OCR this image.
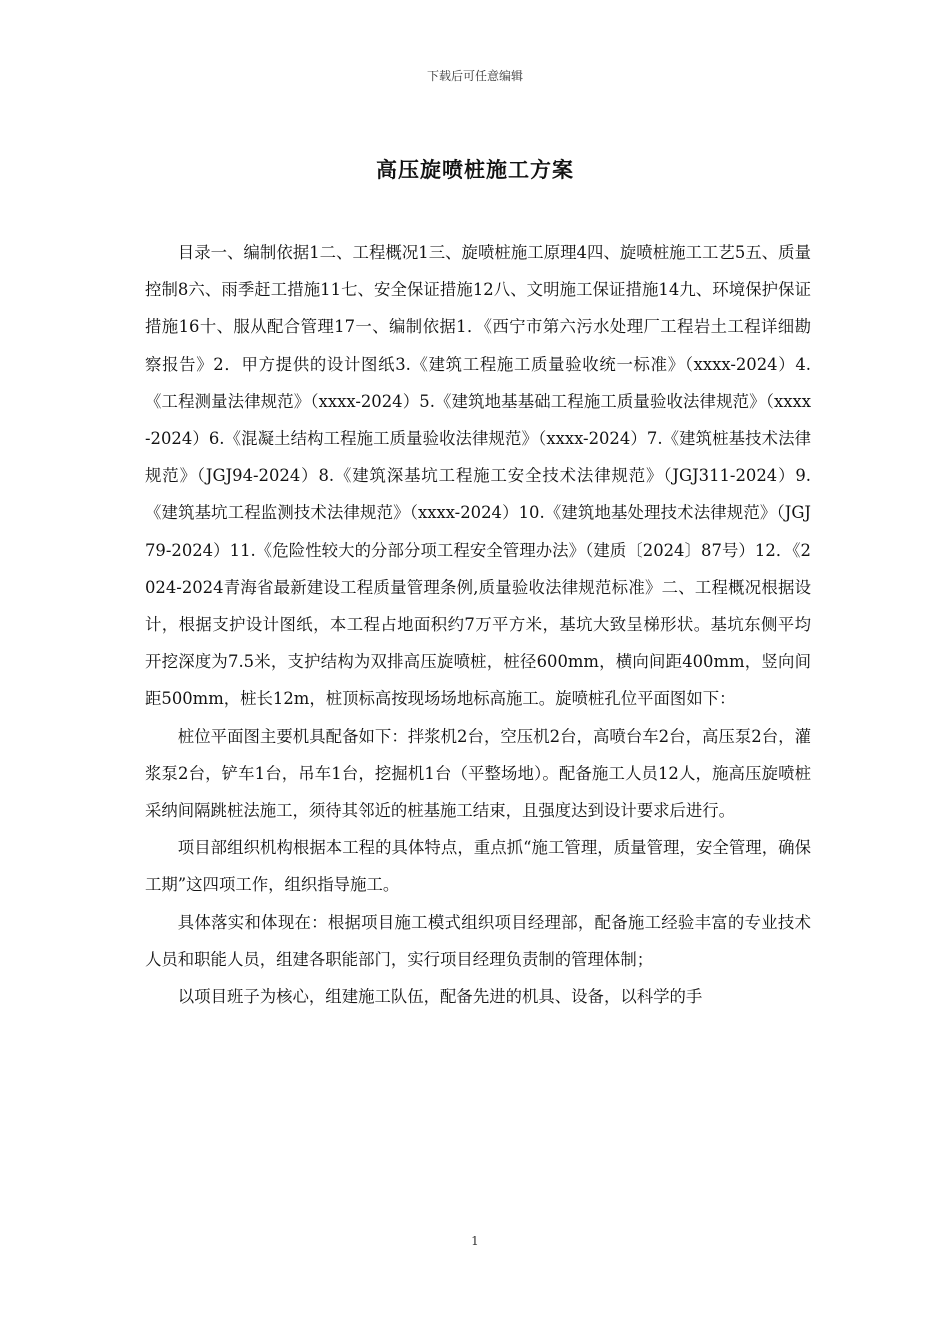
下载后可任意编辑
高压旋喷桩施工方案

目录一、编制依据1二、工程概况1三、旋喷桩施工原理4四、旋喷桩施工工艺5五、质量控制8六、雨季赶工措施11七、安全保证措施12八、文明施工保证措施14九、环境保护保证措施16十、服从配合管理17一、编制依据1．《西宁市第六污水处理厂工程岩土工程详细勘察报告》2．甲方提供的设计图纸3.《建筑工程施工质量验收统一标准》（xxxx-2024）4.《工程测量法律规范》（xxxx-2024）5.《建筑地基基础工程施工质量验收法律规范》（xxxx-2024）6.《混凝土结构工程施工质量验收法律规范》（xxxx-2024）7.《建筑桩基技术法律规范》（JGJ94-2024）8.《建筑深基坑工程施工安全技术法律规范》（JGJ311-2024）9.《建筑基坑工程监测技术法律规范》（xxxx-2024）10.《建筑地基处理技术法律规范》（JGJ79-2024）11.《危险性较大的分部分项工程安全管理办法》（建质〔2024〕87号）12．《2024-2024青海省最新建设工程质量管理条例,质量验收法律规范标准》二、工程概况根据设计，根据支护设计图纸，本工程占地面积约7万平方米，基坑大致呈梯形状。基坑东侧平均开挖深度为7.5米，支护结构为双排高压旋喷桩，桩径600mm，横向间距400mm，竖向间距500mm，桩长12m，桩顶标高按现场场地标高施工。旋喷桩孔位平面图如下：

桩位平面图主要机具配备如下：拌浆机2台，空压机2台，高喷台车2台，高压泵2台，灌浆泵2台，铲车1台，吊车1台，挖掘机1台（平整场地）。配备施工人员12人，施高压旋喷桩采纳间隔跳桩法施工，须待其邻近的桩基施工结束，且强度达到设计要求后进行。

项目部组织机构根据本工程的具体特点，重点抓“施工管理，质量管理，安全管理，确保工期”这四项工作，组织指导施工。

具体落实和体现在：根据项目施工模式组织项目经理部，配备施工经验丰富的专业技术人员和职能人员，组建各职能部门，实行项目经理负责制的管理体制；

以项目班子为核心，组建施工队伍，配备先进的机具、设备，以科学的手

1
